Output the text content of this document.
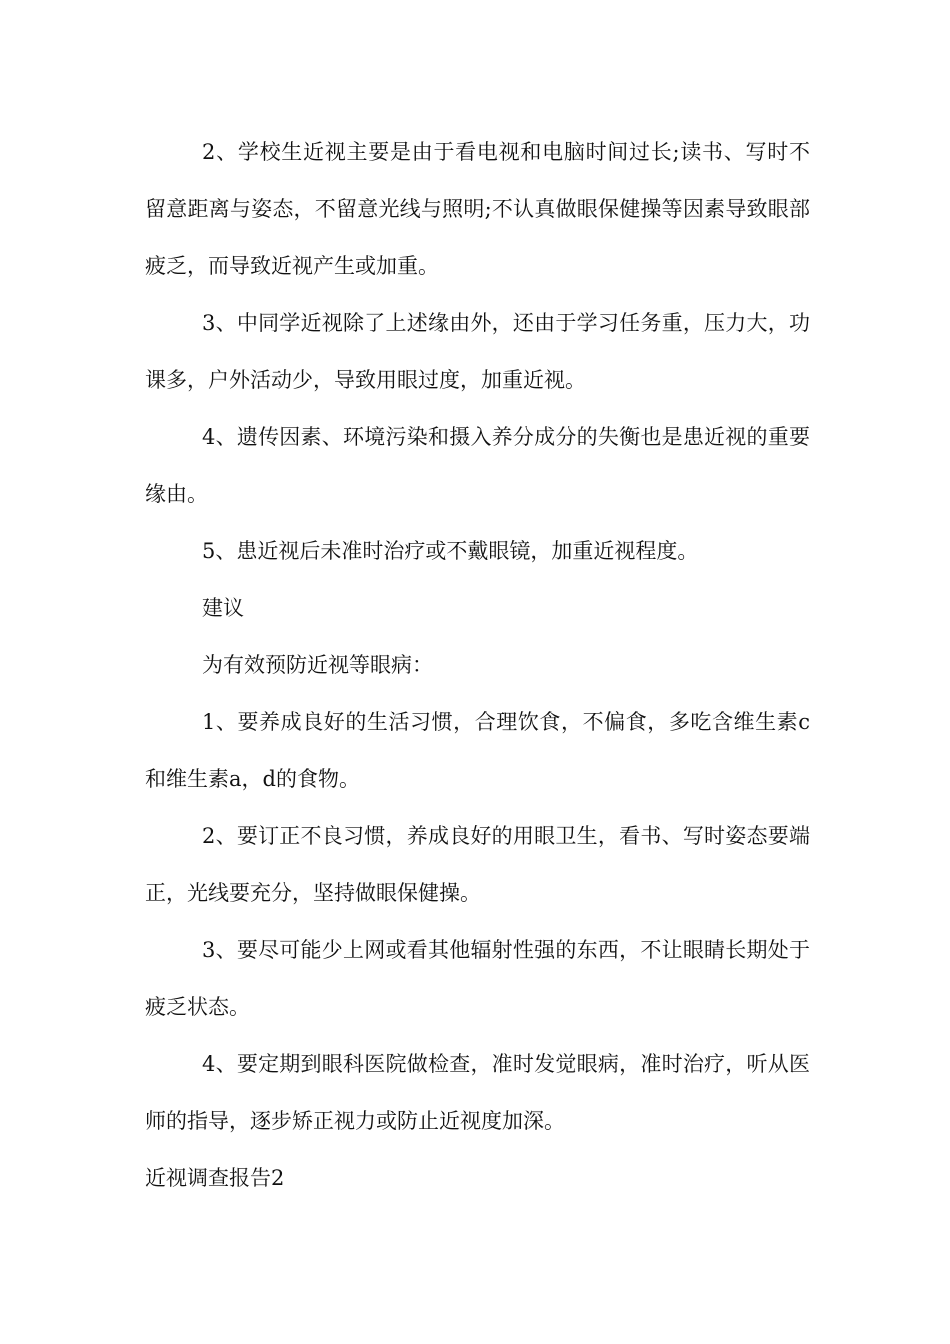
2、学校生近视主要是由于看电视和电脑时间过长;读书、写时不留意距离与姿态，不留意光线与照明;不认真做眼保健操等因素导致眼部疲乏，而导致近视产生或加重。

3、中同学近视除了上述缘由外，还由于学习任务重，压力大，功课多，户外活动少，导致用眼过度，加重近视。

4、遗传因素、环境污染和摄入养分成分的失衡也是患近视的重要缘由。

5、患近视后未准时治疗或不戴眼镜，加重近视程度。

建议

为有效预防近视等眼病：

1、要养成良好的生活习惯，合理饮食，不偏食，多吃含维生素c和维生素a，d的食物。

2、要订正不良习惯，养成良好的用眼卫生，看书、写时姿态要端正，光线要充分，坚持做眼保健操。

3、要尽可能少上网或看其他辐射性强的东西，不让眼睛长期处于疲乏状态。

4、要定期到眼科医院做检查，准时发觉眼病，准时治疗，听从医师的指导，逐步矫正视力或防止近视度加深。

近视调查报告2
